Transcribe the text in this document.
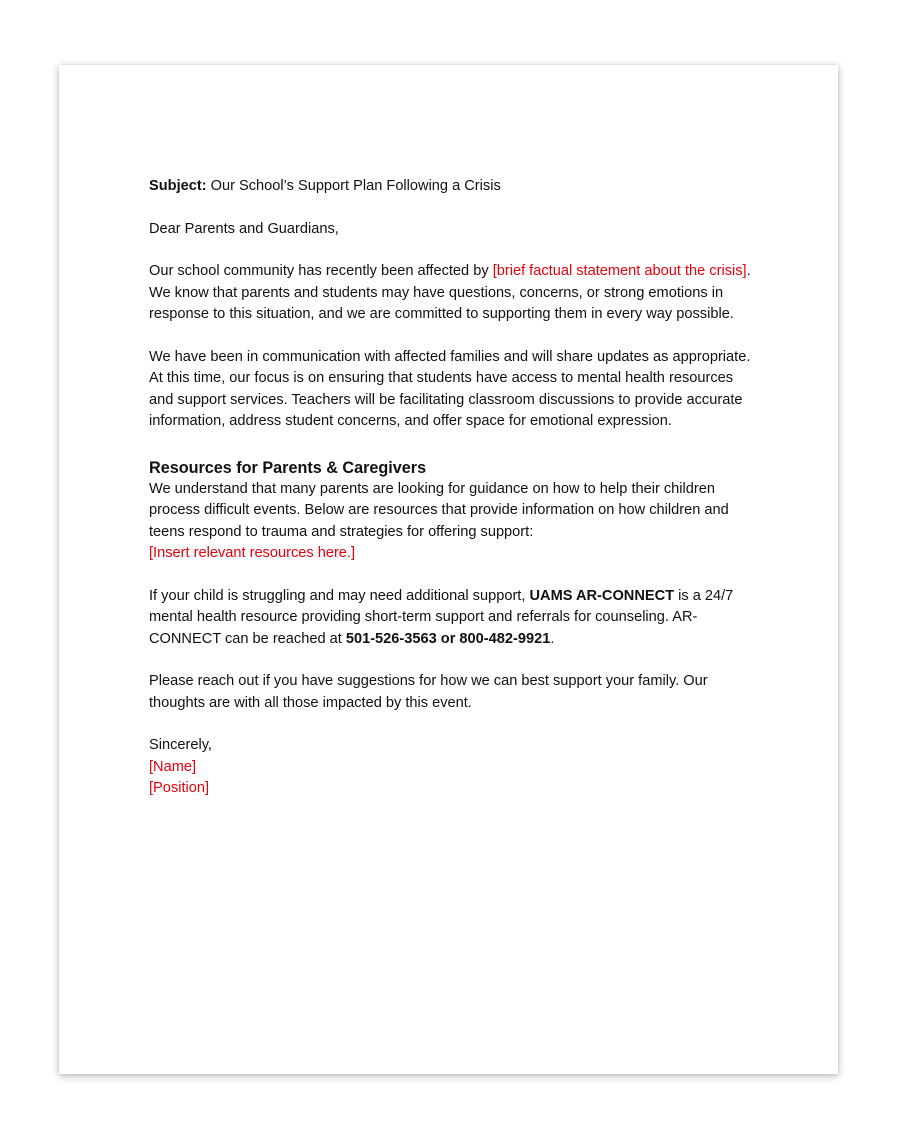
Subject: Our School’s Support Plan Following a Crisis

Dear Parents and Guardians,

Our school community has recently been affected by [brief factual statement about the crisis]. We know that parents and students may have questions, concerns, or strong emotions in response to this situation, and we are committed to supporting them in every way possible.

We have been in communication with affected families and will share updates as appropriate. At this time, our focus is on ensuring that students have access to mental health resources and support services. Teachers will be facilitating classroom discussions to provide accurate information, address student concerns, and offer space for emotional expression.

Resources for Parents & Caregivers

We understand that many parents are looking for guidance on how to help their children process difficult events. Below are resources that provide information on how children and teens respond to trauma and strategies for offering support:

[Insert relevant resources here.]

If your child is struggling and may need additional support, UAMS AR-CONNECT is a 24/7 mental health resource providing short-term support and referrals for counseling. AR-CONNECT can be reached at 501-526-3563 or 800-482-9921.

Please reach out if you have suggestions for how we can best support your family. Our thoughts are with all those impacted by this event.

Sincerely,

[Name]

[Position]
